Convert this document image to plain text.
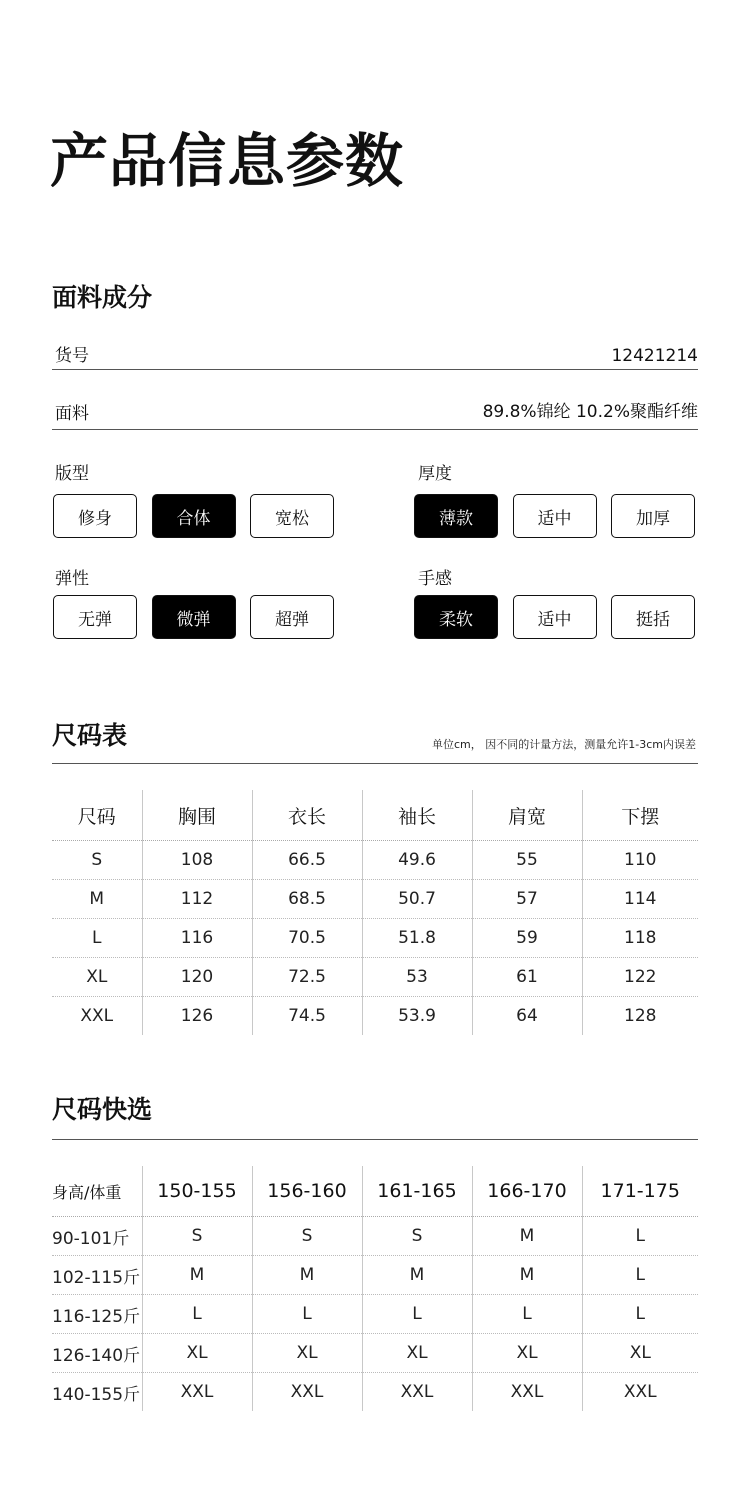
产品信息参数
面料成分
货号	12421214
面料	89.8%锦纶 10.2%聚酯纤维
版型	厚度
弹性	手感
修身	合体	宽松	薄款	适中	加厚
无弹	微弹	超弹	柔软	适中	挺括
尺码表	单位cm， 因不同的计量方法，测量允许1-3cm内误差
尺码	胸围	衣长	袖长	肩宽	下摆
S	108	66.5	49.6	55	110
M	112	68.5	50.7	57	114
L	116	70.5	51.8	59	118
XL	120	72.5	53	61	122
XXL	126	74.5	53.9	64	128
尺码快选
身高/体重	150-155	156-160	161-165	166-170	171-175
90-101斤	S	S	S	M	L
102-115斤	M	M	M	M	L
116-125斤	L	L	L	L	L
126-140斤	XL	XL	XL	XL	XL
140-155斤	XXL	XXL	XXL	XXL	XXL
